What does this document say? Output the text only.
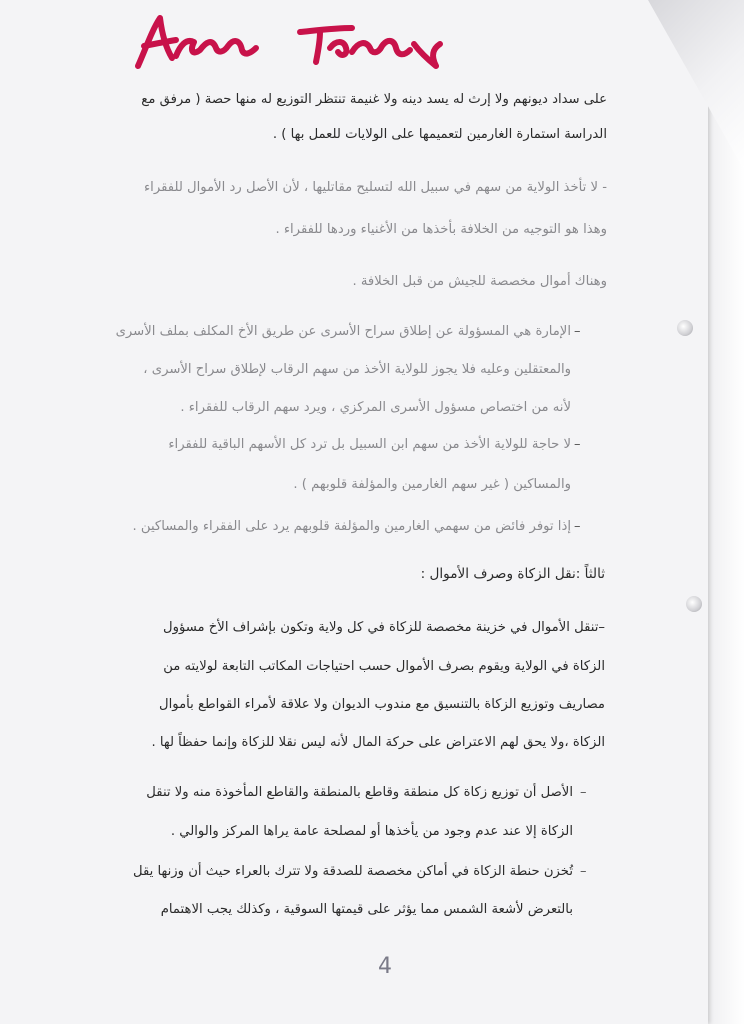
على سداد ديونهم ولا إرث له يسد دينه ولا غنيمة تنتظر التوزيع له منها حصة ( مرفق مع
الدراسة استمارة الغارمين لتعميمها على الولايات للعمل بها ) .
- لا تأخذ الولاية من سهم في سبيل الله لتسليح مقاتليها ، لأن الأصل رد الأموال للفقراء
وهذا هو التوجيه من الخلافة بأخذها من الأغنياء وردها للفقراء .
وهناك أموال مخصصة للجيش من قبل الخلافة .
–
الإمارة هي المسؤولة عن إطلاق سراح الأسرى عن طريق الأخ المكلف بملف الأسرى
والمعتقلين وعليه فلا يجوز للولاية الأخذ من سهم الرقاب لإطلاق سراح الأسرى ،
لأنه من اختصاص مسؤول الأسرى المركزي ، ويرد سهم الرقاب للفقراء .
–
لا حاجة للولاية الأخذ من سهم ابن السبيل بل ترد كل الأسهم الباقية للفقراء
والمساكين ( غير سهم الغارمين والمؤلفة قلوبهم ) .
–
إذا توفر فائض من سهمي الغارمين والمؤلفة قلوبهم يرد على الفقراء والمساكين .
ثالثاً :نقل الزكاة وصرف الأموال :
–تنقل الأموال في خزينة مخصصة للزكاة في كل ولاية وتكون بإشراف الأخ مسؤول
الزكاة في الولاية ويقوم بصرف الأموال حسب احتياجات المكاتب التابعة لولايته من
مصاريف وتوزيع الزكاة بالتنسيق مع مندوب الديوان ولا علاقة لأمراء القواطع بأموال
الزكاة ،ولا يحق لهم الاعتراض على حركة المال لأنه ليس نقلا للزكاة وإنما حفظاً لها .
–
الأصل أن توزيع زكاة كل منطقة وقاطع بالمنطقة والقاطع المأخوذة منه ولا تنقل
الزكاة إلا عند عدم وجود من يأخذها أو لمصلحة عامة يراها المركز والوالي .
–
تُخزن حنطة الزكاة في أماكن مخصصة للصدقة ولا تترك بالعراء حيث أن وزنها يقل
بالتعرض لأشعة الشمس مما يؤثر على قيمتها السوقية ، وكذلك يجب الاهتمام
4
